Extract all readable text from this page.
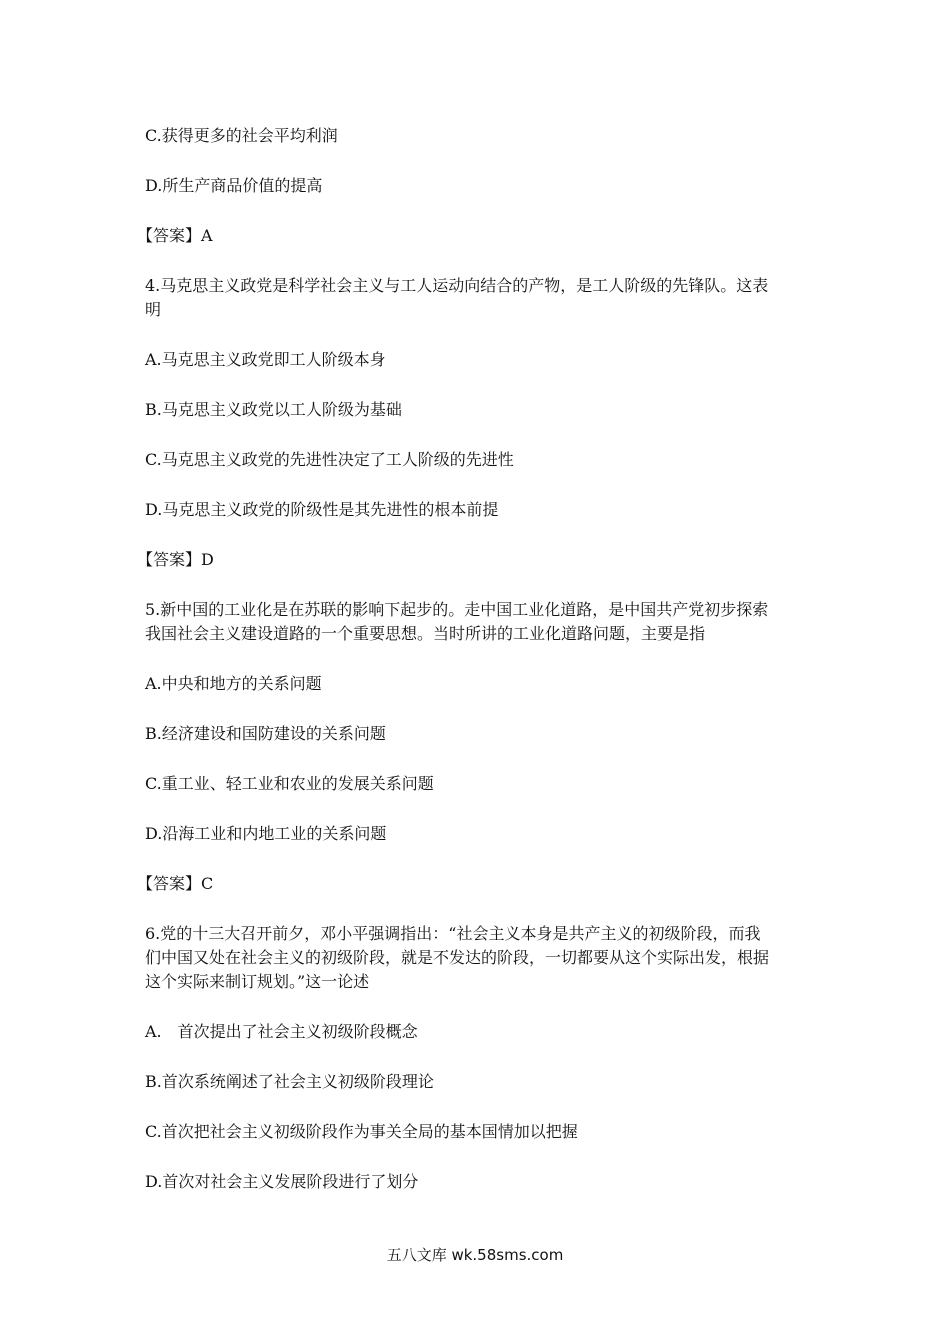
C.获得更多的社会平均利润
D.所生产商品价值的提高
【答案】A
4.马克思主义政党是科学社会主义与工人运动向结合的产物，是工人阶级的先锋队。这表
明
A.马克思主义政党即工人阶级本身
B.马克思主义政党以工人阶级为基础
C.马克思主义政党的先进性决定了工人阶级的先进性
D.马克思主义政党的阶级性是其先进性的根本前提
【答案】D
5.新中国的工业化是在苏联的影响下起步的。走中国工业化道路，是中国共产党初步探索
我国社会主义建设道路的一个重要思想。当时所讲的工业化道路问题，主要是指
A.中央和地方的关系问题
B.经济建设和国防建设的关系问题
C.重工业、轻工业和农业的发展关系问题
D.沿海工业和内地工业的关系问题
【答案】C
6.党的十三大召开前夕，邓小平强调指出：“社会主义本身是共产主义的初级阶段，而我
们中国又处在社会主义的初级阶段，就是不发达的阶段，一切都要从这个实际出发，根据
这个实际来制订规划。”这一论述
A.　首次提出了社会主义初级阶段概念
B.首次系统阐述了社会主义初级阶段理论
C.首次把社会主义初级阶段作为事关全局的基本国情加以把握
D.首次对社会主义发展阶段进行了划分
五八文库 wk.58sms.com
